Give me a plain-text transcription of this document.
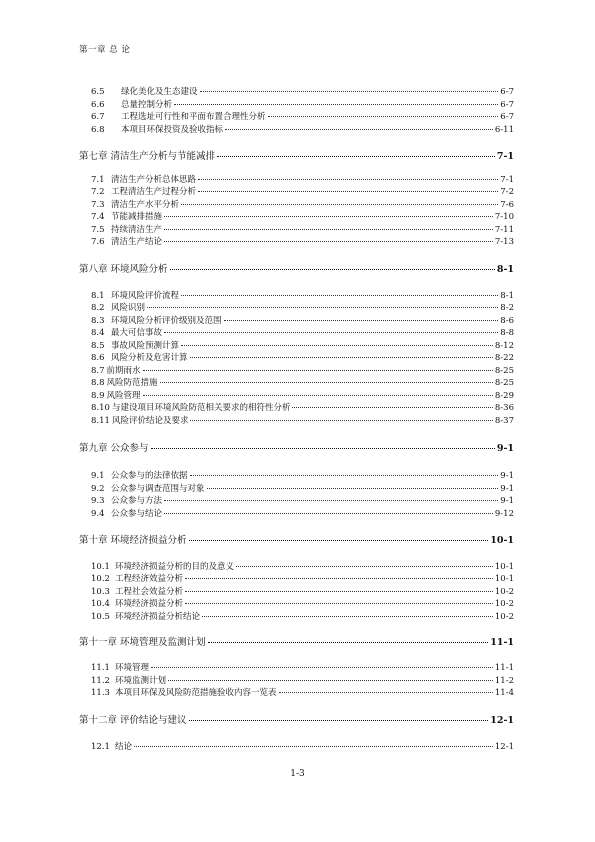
第一章 总 论
6.5 绿化美化及生态建设	6-7
6.6 总量控制分析	6-7
6.7 工程选址可行性和平面布置合理性分析	6-7
6.8 本项目环保投资及验收指标	6-11
第七章 清洁生产分析与节能减排	7-1
7.1 清洁生产分析总体思路	7-1
7.2 工程清洁生产过程分析	7-2
7.3 清洁生产水平分析	7-6
7.4 节能减排措施	7-10
7.5 持续清洁生产	7-11
7.6 清洁生产结论	7-13
第八章 环境风险分析	8-1
8.1 环境风险评价流程	8-1
8.2 风险识别	8-2
8.3 环境风险分析评价级别及范围	8-6
8.4 最大可信事故	8-8
8.5 事故风险预测计算	8-12
8.6 风险分析及危害计算	8-22
8.7 前期雨水	8-25
8.8 风险防范措施	8-25
8.9 风险管理	8-29
8.10 与建设项目环境风险防范相关要求的相符性分析	8-36
8.11 风险评价结论及要求	8-37
第九章 公众参与	9-1
9.1 公众参与的法律依据	9-1
9.2 公众参与调查范围与对象	9-1
9.3 公众参与方法	9-1
9.4 公众参与结论	9-12
第十章 环境经济损益分析	10-1
10.1 环境经济损益分析的目的及意义	10-1
10.2 工程经济效益分析	10-1
10.3 工程社会效益分析	10-2
10.4 环境经济损益分析	10-2
10.5 环境经济损益分析结论	10-2
第十一章 环境管理及监测计划	11-1
11.1 环境管理	11-1
11.2 环境监测计划	11-2
11.3 本项目环保及风险防范措施验收内容一览表	11-4
第十二章 评价结论与建议	12-1
12.1 结论	12-1
1-3
